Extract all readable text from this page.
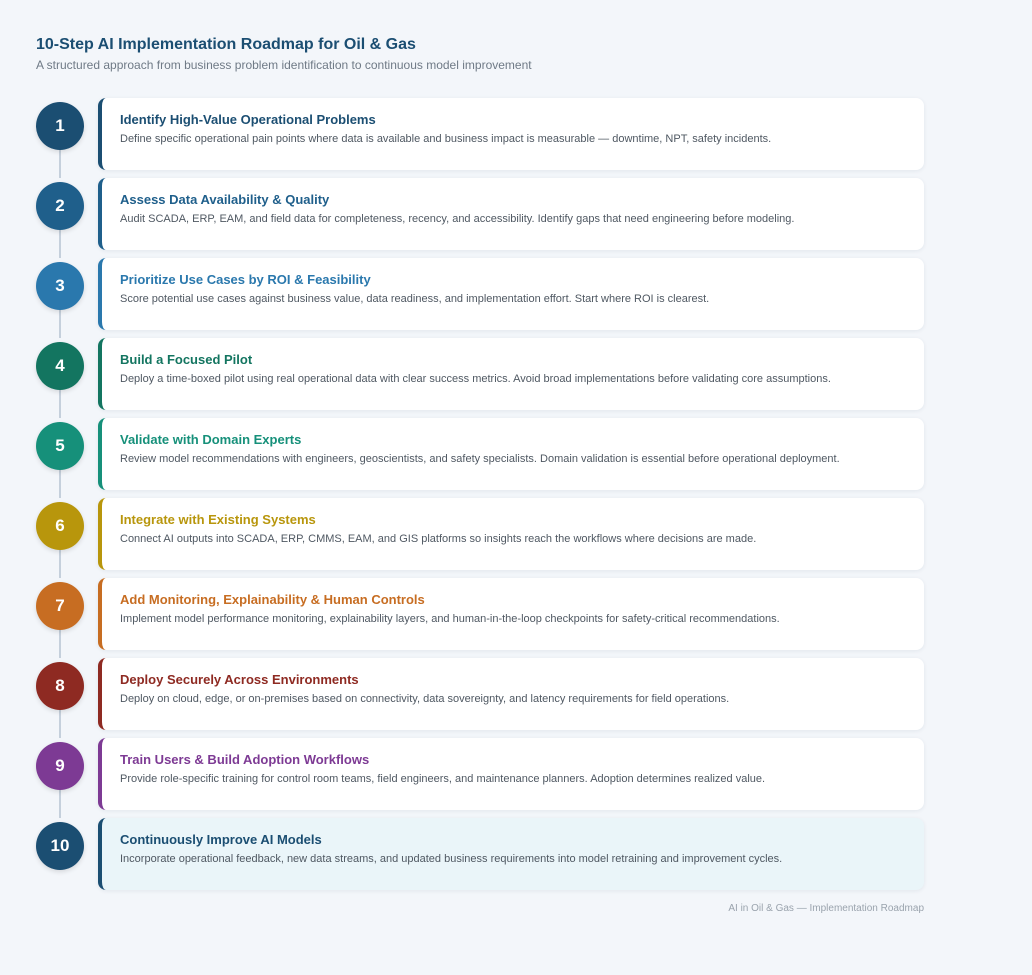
10-Step AI Implementation Roadmap for Oil & Gas

A structured approach from business problem identification to continuous model improvement

1	Identify High-Value Operational Problems
Define specific operational pain points where data is available and business impact is measurable — downtime, NPT, safety incidents.
2	Assess Data Availability & Quality
Audit SCADA, ERP, EAM, and field data for completeness, recency, and accessibility. Identify gaps that need engineering before modeling.
3	Prioritize Use Cases by ROI & Feasibility
Score potential use cases against business value, data readiness, and implementation effort. Start where ROI is clearest.
4	Build a Focused Pilot
Deploy a time-boxed pilot using real operational data with clear success metrics. Avoid broad implementations before validating core assumptions.
5	Validate with Domain Experts
Review model recommendations with engineers, geoscientists, and safety specialists. Domain validation is essential before operational deployment.
6	Integrate with Existing Systems
Connect AI outputs into SCADA, ERP, CMMS, EAM, and GIS platforms so insights reach the workflows where decisions are made.
7	Add Monitoring, Explainability & Human Controls
Implement model performance monitoring, explainability layers, and human-in-the-loop checkpoints for safety-critical recommendations.
8	Deploy Securely Across Environments
Deploy on cloud, edge, or on-premises based on connectivity, data sovereignty, and latency requirements for field operations.
9	Train Users & Build Adoption Workflows
Provide role-specific training for control room teams, field engineers, and maintenance planners. Adoption determines realized value.
10	Continuously Improve AI Models
Incorporate operational feedback, new data streams, and updated business requirements into model retraining and improvement cycles.
AI in Oil & Gas — Implementation Roadmap
